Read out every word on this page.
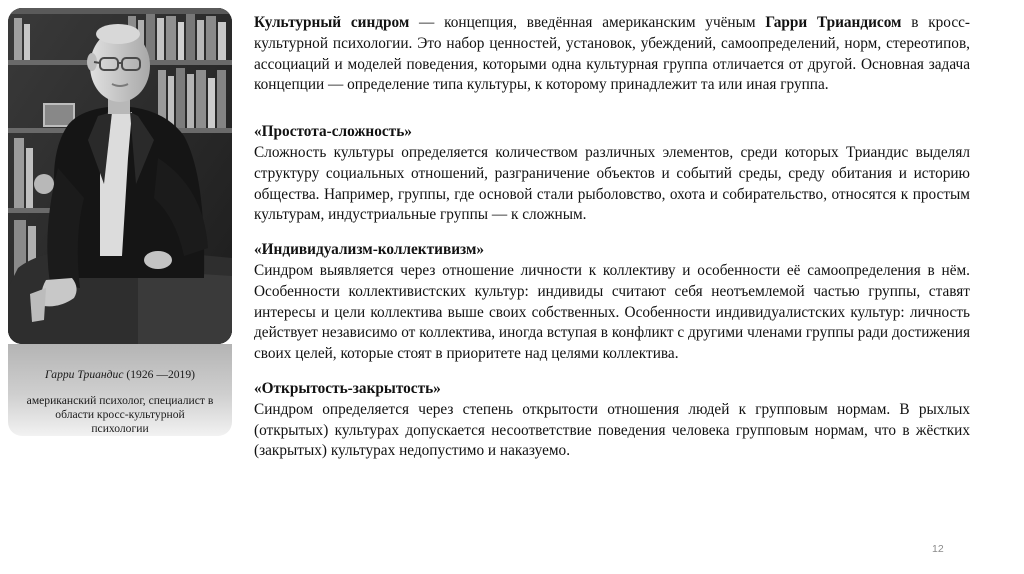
Гарри Триандис (1926 —2019)
американский психолог, специалист в области кросс-культурной психологии

Культурный синдром — концепция, введённая американским учёным Гарри Триандисом в кросс-культурной психологии. Это набор ценностей, установок, убеждений, самоопределений, норм, стереотипов, ассоциаций и моделей поведения, которыми одна культурная группа отличается от другой. Основная задача концепции — определение типа культуры, к которому принадлежит та или иная группа.

«Простота-сложность»

Сложность культуры определяется количеством различных элементов, среди которых Триандис выделял структуру социальных отношений, разграничение объектов и событий среды, среду обитания и историю общества. Например, группы, где основой стали рыболовство, охота и собирательство, относятся к простым культурам, индустриальные группы — к сложным.

«Индивидуализм-коллективизм»

Синдром выявляется через отношение личности к коллективу и особенности её самоопределения в нём. Особенности коллективистских культур: индивиды считают себя неотъемлемой частью группы, ставят интересы и цели коллектива выше своих собственных. Особенности индивидуалистских культур: личность действует независимо от коллектива, иногда вступая в конфликт с другими членами группы ради достижения своих целей, которые стоят в приоритете над целями коллектива.

«Открытость-закрытость»

Синдром определяется через степень открытости отношения людей к групповым нормам. В рыхлых (открытых) культурах допускается несоответствие поведения человека групповым нормам, что в жёстких (закрытых) культурах недопустимо и наказуемо.

12
